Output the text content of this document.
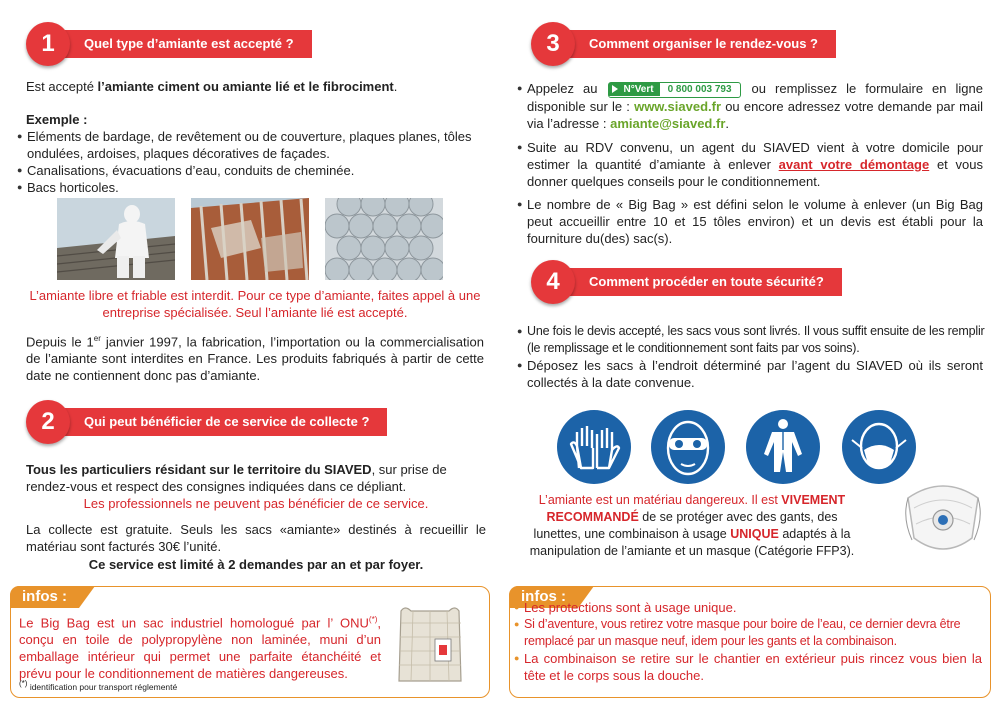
1	Quel type d’amiante est accepté ?
Est accepté l’amiante ciment ou amiante lié et le fibrociment.
Exemple :
● Eléments de bardage, de revêtement ou de couverture, plaques planes, tôles ondulées, ardoises, plaques décoratives de façades.
● Canalisations, évacuations d’eau, conduits de cheminée.
● Bacs horticoles.
L’amiante libre et friable est interdit. Pour ce type d’amiante, faites appel à une entreprise spécialisée. Seul l’amiante lié est accepté.
Depuis le 1er janvier 1997, la fabrication, l’importation ou la commercialisation de l’amiante sont interdites en France. Les produits fabriqués à partir de cette date ne contiennent donc pas d’amiante.
2	Qui peut bénéficier de ce service de collecte ?
Tous les particuliers résidant sur le territoire du SIAVED, sur prise de rendez-vous et respect des consignes indiquées dans ce dépliant.
Les professionnels ne peuvent pas bénéficier de ce service.
La collecte est gratuite. Seuls les sacs «amiante» destinés à recueillir le matériau sont facturés 30€ l’unité.
Ce service est limité à 2 demandes par an et par foyer.
infos :
Le Big Bag est un sac industriel homologué par l’ ONU(*), conçu en toile de polypropylène non laminée, muni d’un emballage intérieur qui permet une parfaite étanchéité et prévu pour le conditionnement de matières dangereuses.
(*) identification pour transport réglementé
3	Comment organiser le rendez-vous ?
● Appelez au	N°Vert 0 800 003 793 ou remplissez le formulaire en ligne disponible sur le : www.siaved.fr ou encore adressez votre demande par mail via l’adresse : amiante@siaved.fr.
● Suite au RDV convenu, un agent du SIAVED vient à votre domicile pour estimer la quantité d’amiante à enlever avant votre démontage et vous donner quelques conseils pour le conditionnement.
● Le nombre de « Big Bag » est défini selon le volume à enlever (un Big Bag peut accueillir entre 10 et 15 tôles environ) et un devis est établi pour la fourniture du(des) sac(s).
4	Comment procéder en toute sécurité?
● Une fois le devis accepté, les sacs vous sont livrés. Il vous suffit ensuite de les remplir (le remplissage et le conditionnement sont faits par vos soins).
● Déposez les sacs à l’endroit déterminé par l’agent du SIAVED où ils seront collectés à la date convenue.
L’amiante est un matériau dangereux. Il est VIVEMENT RECOMMANDÉ de se protéger avec des gants, des lunettes, une combinaison à usage UNIQUE adaptés à la manipulation de l’amiante et un masque (Catégorie FFP3).
infos :
● Les protections sont à usage unique.
● Si d’aventure, vous retirez votre masque pour boire de l’eau, ce dernier devra être remplacé par un masque neuf, idem pour les gants et la combinaison.
● La combinaison se retire sur le chantier en extérieur puis rincez vous bien la tête et le corps sous la douche.
